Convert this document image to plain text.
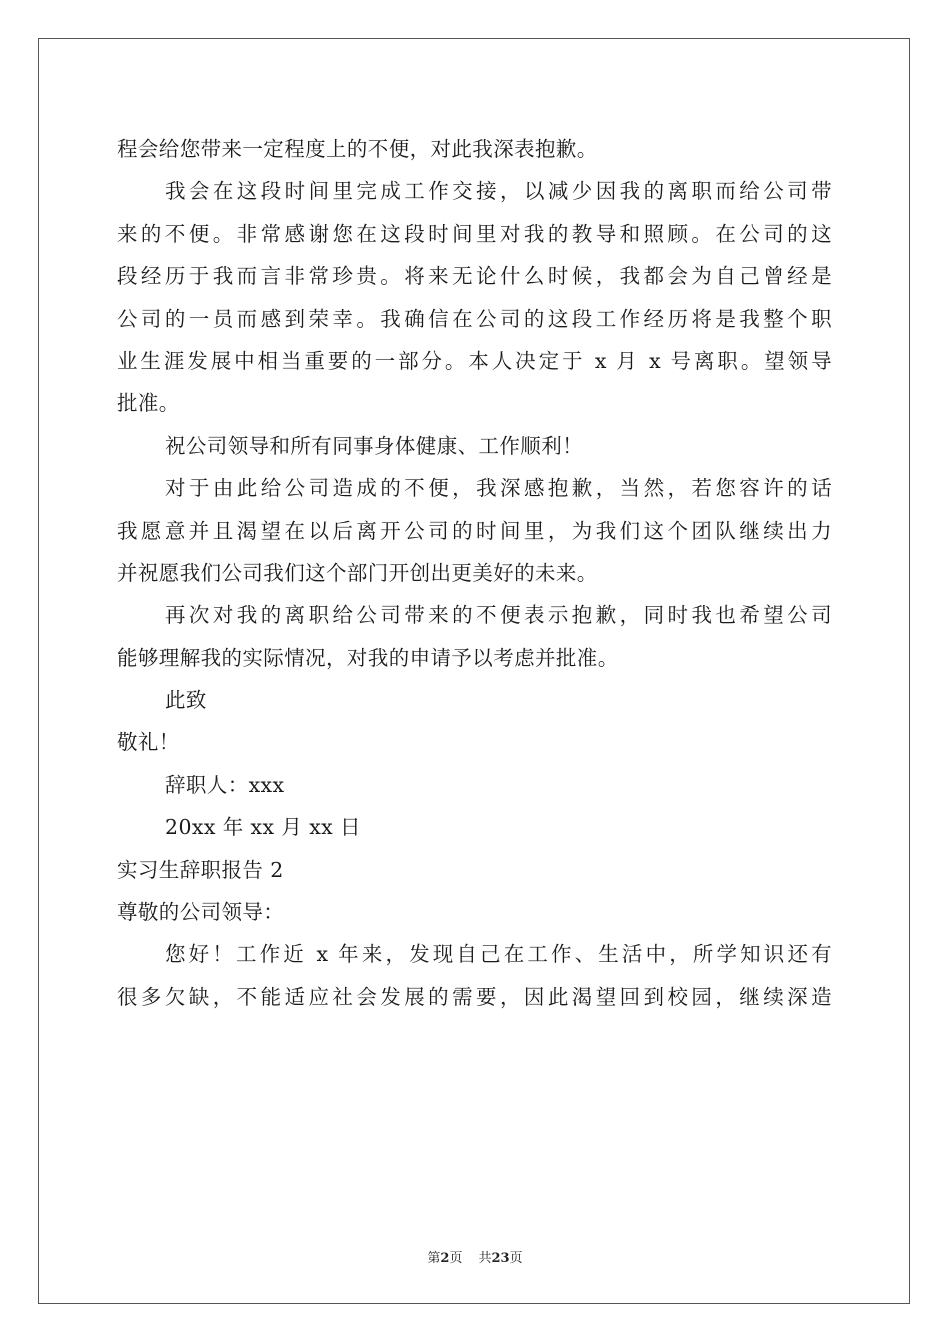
程会给您带来一定程度上的不便，对此我深表抱歉。
我会在这段时间里完成工作交接，以减少因我的离职而给公司带
来的不便。非常感谢您在这段时间里对我的教导和照顾。在公司的这
段经历于我而言非常珍贵。将来无论什么时候，我都会为自己曾经是
公司的一员而感到荣幸。我确信在公司的这段工作经历将是我整个职
业生涯发展中相当重要的一部分。本人决定于 x 月 x 号离职。望领导
批准。
祝公司领导和所有同事身体健康、工作顺利！
对于由此给公司造成的不便，我深感抱歉，当然，若您容许的话
我愿意并且渴望在以后离开公司的时间里，为我们这个团队继续出力
并祝愿我们公司我们这个部门开创出更美好的未来。
再次对我的离职给公司带来的不便表示抱歉，同时我也希望公司
能够理解我的实际情况，对我的申请予以考虑并批准。
此致
敬礼！
辞职人：xxx
20xx 年 xx 月 xx 日
实习生辞职报告 2
尊敬的公司领导：
您好！工作近 x 年来，发现自己在工作、生活中，所学知识还有
很多欠缺，不能适应社会发展的需要，因此渴望回到校园，继续深造
第2页 共23页
